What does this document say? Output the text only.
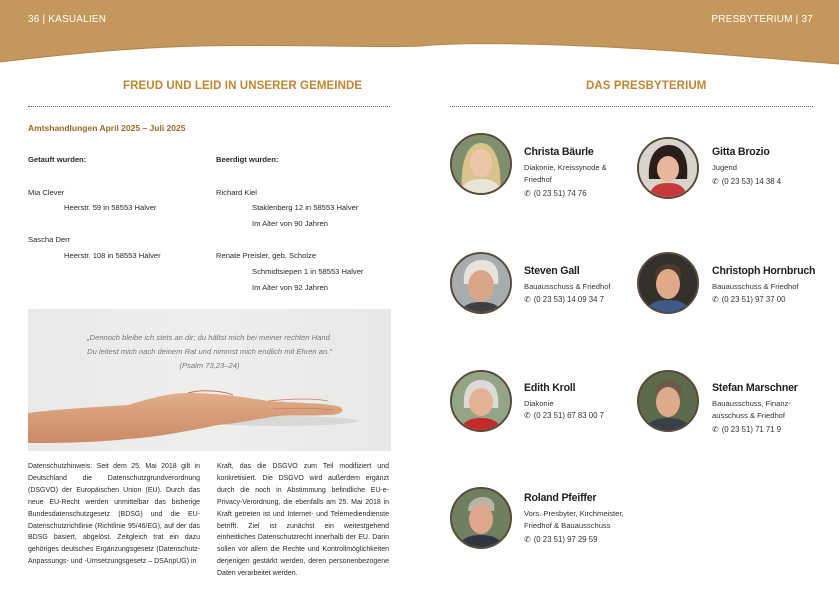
36 | KASUALIEN	PRESBYTERIUM | 37
FREUD UND LEID IN UNSERER GEMEINDE
Amtshandlungen April 2025 – Juli 2025
Getauft wurden:
Mia Clever
Heerstr. 59 in 58553 Halver
Sascha Derr
Heerstr. 108 in 58553 Halver
Beerdigt wurden:
Richard Kiel
Staklenberg 12 in 58553 Halver
Im Alter von 90 Jahren
Renate Preisler, geb. Scholze
Schmidtsiepen 1 in 58553 Halver
Im Alter von 92 Jahren
„Dennoch bleibe ich stets an dir; du hältst mich bei meiner rechten Hand.
Du leitest mich nach deinem Rat und nimmst mich endlich mit Ehren an.“
(Psalm 73,23–24)

Datenschutzhinweis: Seit dem 25. Mai 2018 gilt in Deutschland die Datenschutzgrundverordnung (DSGVO) der Europäischen Union (EU). Durch das neue EU-Recht werden unmittelbar das bisherige Bundesdatenschutzgesetz (BDSG) und die EU-Datenschutzrichtlinie (Richtlinie 95/46/EG), auf der das BDSG basiert, abgelöst. Zeitgleich trat ein dazu gehöriges deutsches Ergänzungsgesetz (Datenschutz-Anpassungs- und -Umsetzungsgesetz – DSAnpUG) in

Kraft, das die DSGVO zum Teil modifiziert und konkretisiert. Die DSGVO wird außerdem ergänzt durch die noch in Abstimmung befindliche EU-e-Privacy-Verordnung, die ebenfalls am 25. Mai 2018 in Kraft getreten ist und Internet- und Telemediendienste betrifft. Ziel ist zunächst ein weitestgehend einheitliches Datenschutzrecht innerhalb der EU. Darin sollen vor allem die Rechte und Kontrollmöglichkeiten derjenigen gestärkt werden, deren personenbezogene Daten verarbeitet werden.

DAS PRESBYTERIUM
Christa Bäurle
Diakonie, Kreissynode &
Friedhof
✆ (0 23 51) 74 76
Gitta Brozio
Jugend
✆ (0 23 53) 14 38 4
Steven Gall
Bauausschuss & Friedhof
✆ (0 23 53) 14 09 34 7
Christoph Hornbruch
Bauausschuss & Friedhof
✆ (0 23 51) 97 37 00
Edith Kroll
Diakonie
✆ (0 23 51) 67 83 00 7
Stefan Marschner
Bauausschuss, Finanz-
ausschuss & Friedhof
✆ (0 23 51) 71 71 9
Roland Pfeiffer
Vors. Presbyter, Kirchmeister,
Friedhof & Bauausschuss
✆ (0 23 51) 97 29 59
